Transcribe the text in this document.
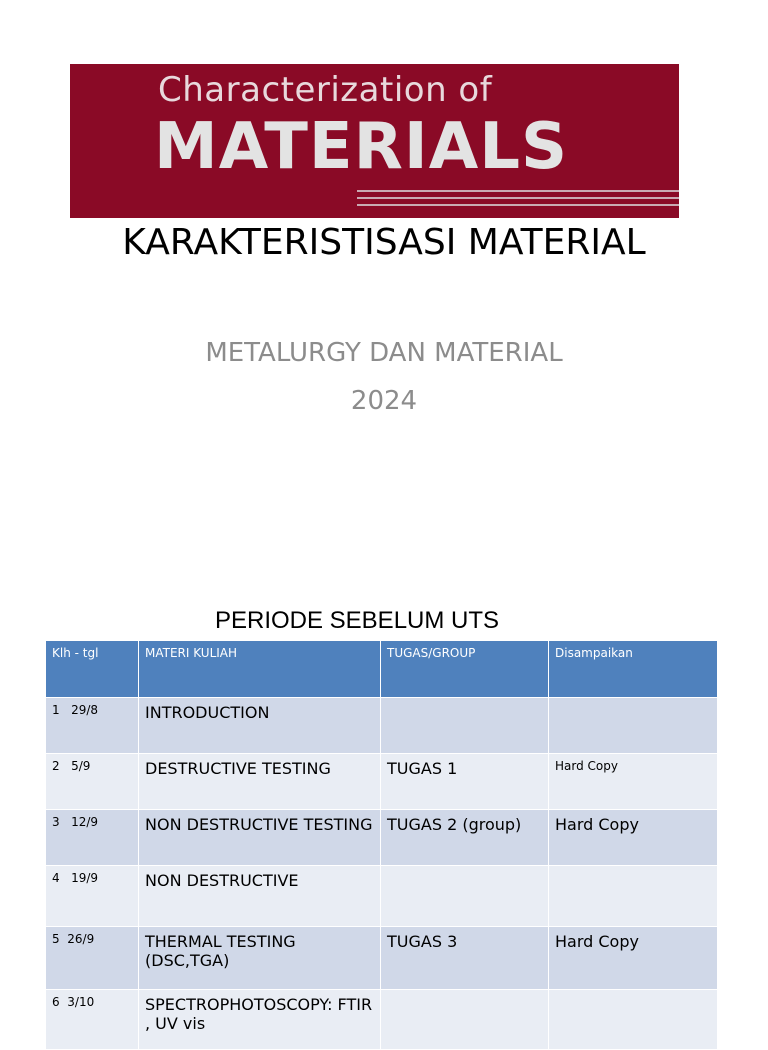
Characterization of
MATERIALS
KARAKTERISTISASI MATERIAL
METALURGY DAN MATERIAL
2024
PERIODE SEBELUM UTS
Klh - tgl	MATERI KULIAH	TUGAS/GROUP	Disampaikan
1   29/8	INTRODUCTION		
2   5/9	DESTRUCTIVE TESTING	TUGAS 1	Hard Copy
3   12/9	NON DESTRUCTIVE TESTING	TUGAS 2 (group)	Hard Copy
4   19/9	NON DESTRUCTIVE		
5  26/9	THERMAL TESTING (DSC,TGA)	TUGAS 3	Hard Copy
6  3/10	SPECTROPHOTOSCOPY: FTIR , UV vis		
